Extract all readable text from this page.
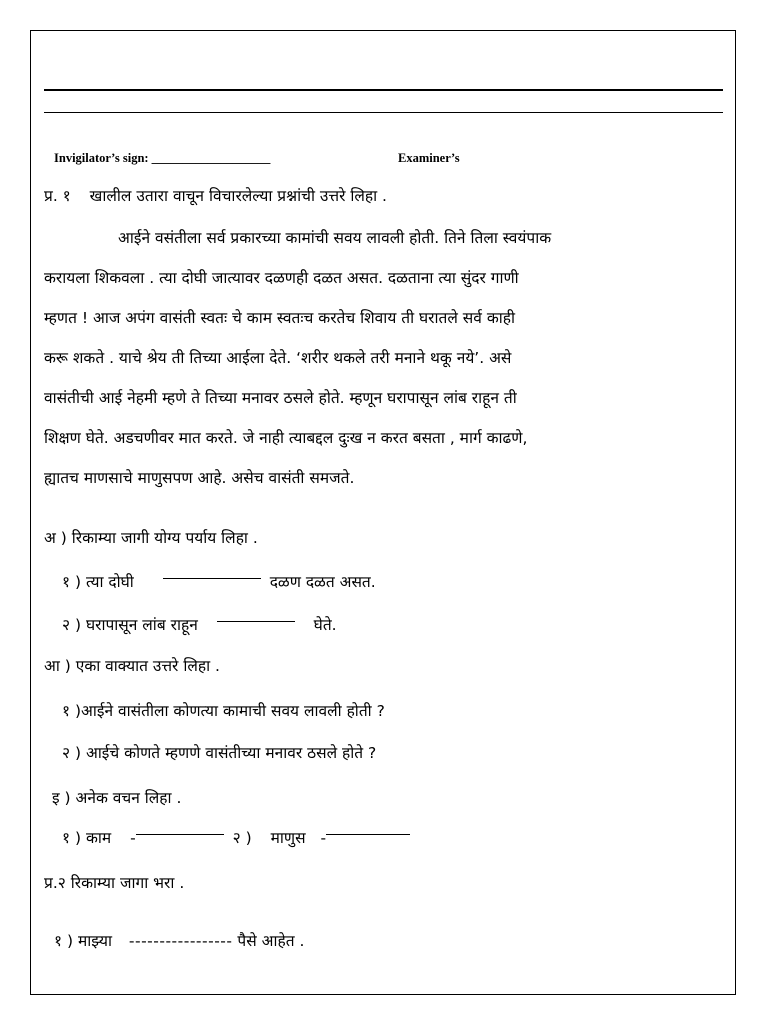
Invigilator’s sign: ___________________	Examiner’s
प्र. १ खालील उतारा वाचून विचारलेल्या प्रश्नांची उत्तरे लिहा .
आईने वसंतीला सर्व प्रकारच्या कामांची सवय लावली होती. तिने तिला स्वयंपाक
करायला शिकवला . त्या दोघी जात्यावर दळणही दळत असत. दळताना त्या सुंदर गाणी
म्हणत ! आज अपंग वासंती स्वतः चे काम स्वतःच करतेच शिवाय ती घरातले सर्व काही
करू शकते . याचे श्रेय ती तिच्या आईला देते. ‘शरीर थकले तरी मनाने थकू नये’. असे
वासंतीची आई नेहमी म्हणे ते तिच्या मनावर ठसले होते. म्हणून घरापासून लांब राहून ती
शिक्षण घेते. अडचणीवर मात करते. जे नाही त्याबद्दल दुःख न करत बसता , मार्ग काढणे,
ह्यातच माणसाचे माणुसपण आहे. असेच वासंती समजते.
अ ) रिकाम्या जागी योग्य पर्याय लिहा .
१ ) त्या दोघी	दळण दळत असत.
२ ) घरापासून लांब राहून	घेते.
आ ) एका वाक्यात उत्तरे लिहा .
१ )आईने वासंतीला कोणत्या कामाची सवय लावली होती ?
२ ) आईचे कोणते म्हणणे वासंतीच्या मनावर ठसले होते ?
इ ) अनेक वचन लिहा .
१ ) काम -	२ ) माणुस -
प्र.२ रिकाम्या जागा भरा .
१ ) माझ्या ----------------- पैसे आहेत .
